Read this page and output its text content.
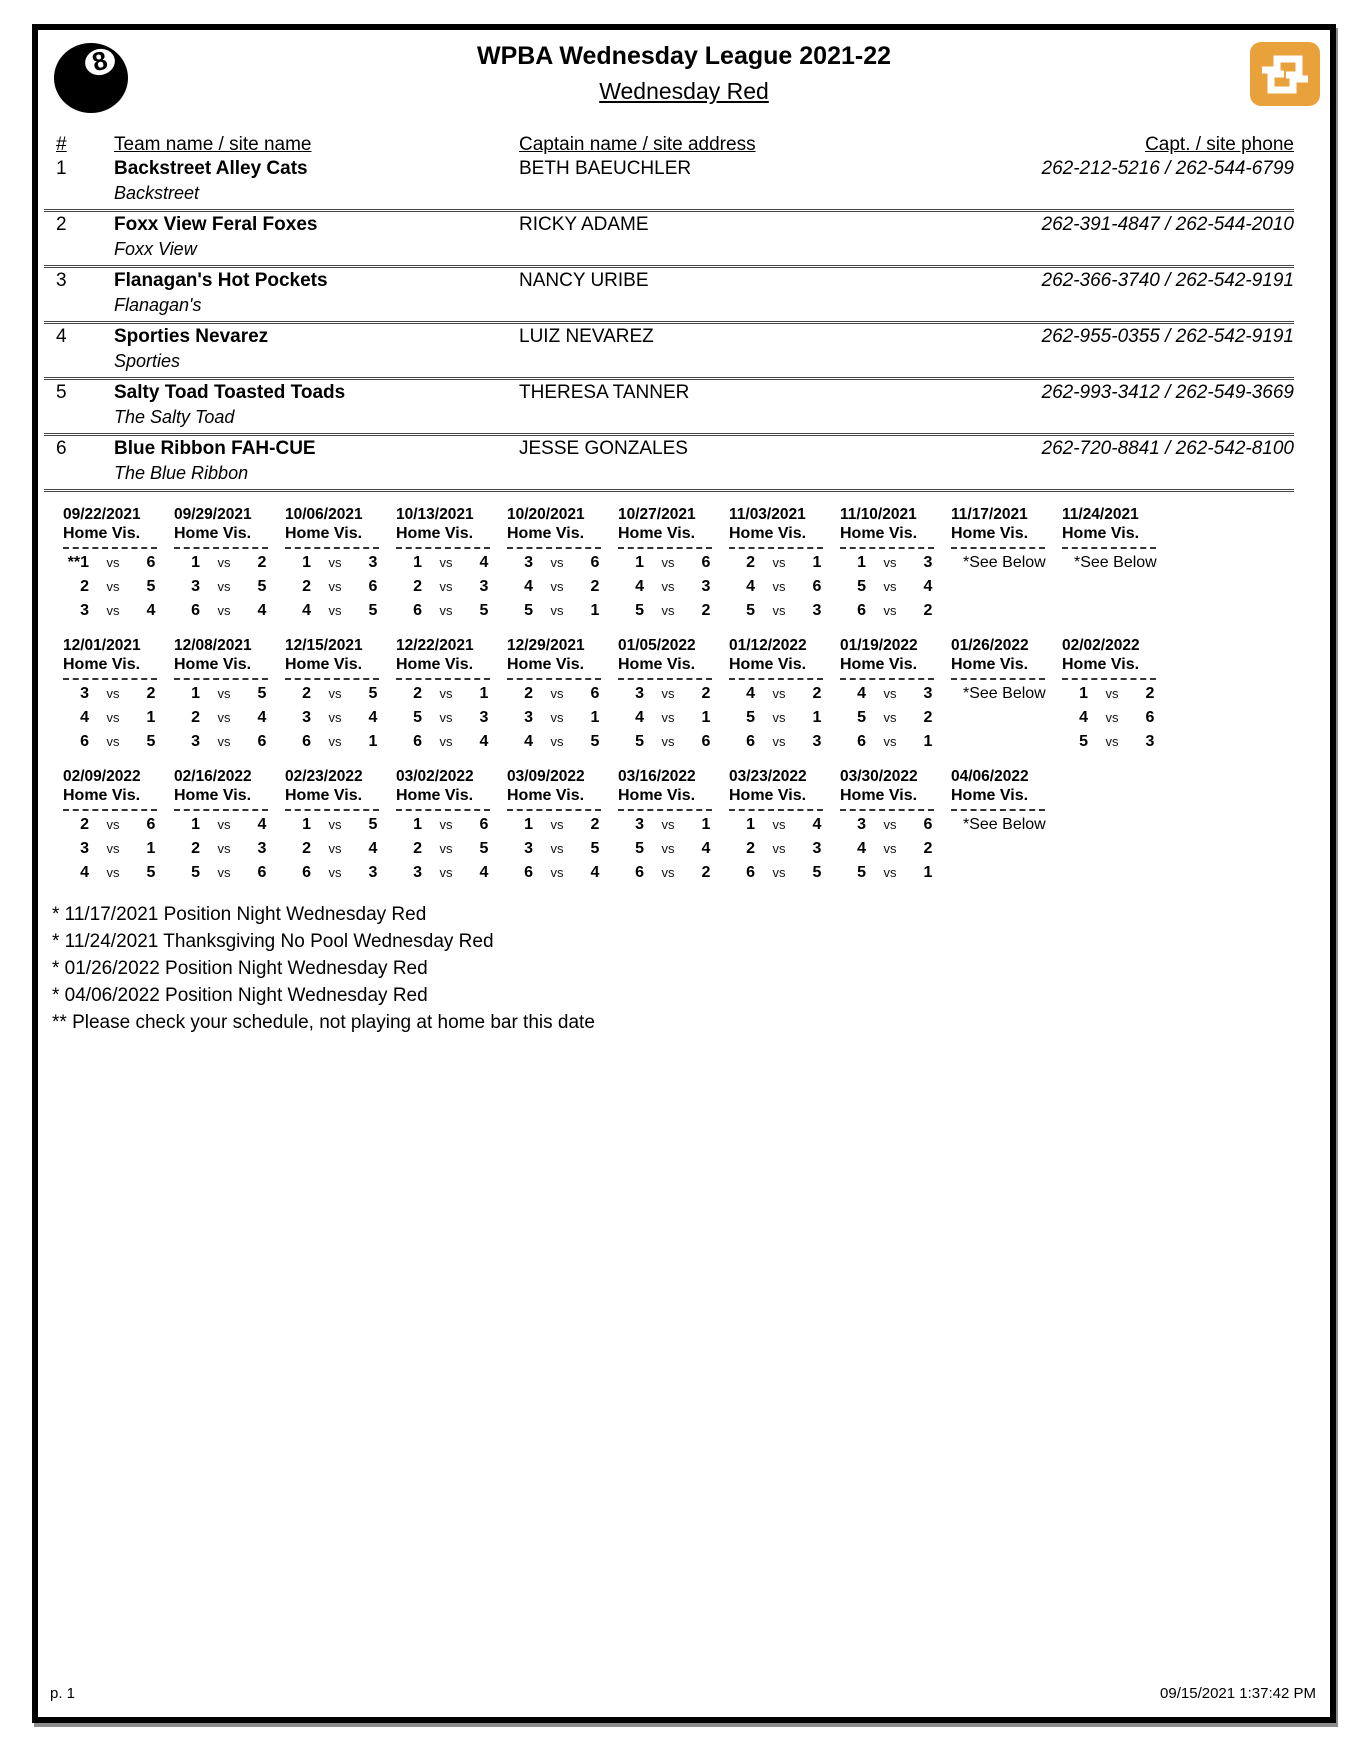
8	WPBA Wednesday League 2021-22
Wednesday Red
#	Team name / site name	Captain name / site address	Capt. / site phone
1	Backstreet Alley Cats	BETH BAEUCHLER	262-212-5216 / 262-544-6799
Backstreet
2	Foxx View Feral Foxes	RICKY ADAME	262-391-4847 / 262-544-2010
Foxx View
3	Flanagan's Hot Pockets	NANCY URIBE	262-366-3740 / 262-542-9191
Flanagan's
4	Sporties Nevarez	LUIZ NEVAREZ	262-955-0355 / 262-542-9191
Sporties
5	Salty Toad Toasted Toads	THERESA TANNER	262-993-3412 / 262-549-3669
The Salty Toad
6	Blue Ribbon FAH-CUE	JESSE GONZALES	262-720-8841 / 262-542-8100
The Blue Ribbon
09/22/2021
Home Vis.
**1	vs	6
2	vs	5
3	vs	4
09/29/2021
Home Vis.
1	vs	2
3	vs	5
6	vs	4
10/06/2021
Home Vis.
1	vs	3
2	vs	6
4	vs	5
10/13/2021
Home Vis.
1	vs	4
2	vs	3
6	vs	5
10/20/2021
Home Vis.
3	vs	6
4	vs	2
5	vs	1
10/27/2021
Home Vis.
1	vs	6
4	vs	3
5	vs	2
11/03/2021
Home Vis.
2	vs	1
4	vs	6
5	vs	3
11/10/2021
Home Vis.
1	vs	3
5	vs	4
6	vs	2
11/17/2021
Home Vis.
*See Below
11/24/2021
Home Vis.
*See Below
12/01/2021
Home Vis.
3	vs	2
4	vs	1
6	vs	5
12/08/2021
Home Vis.
1	vs	5
2	vs	4
3	vs	6
12/15/2021
Home Vis.
2	vs	5
3	vs	4
6	vs	1
12/22/2021
Home Vis.
2	vs	1
5	vs	3
6	vs	4
12/29/2021
Home Vis.
2	vs	6
3	vs	1
4	vs	5
01/05/2022
Home Vis.
3	vs	2
4	vs	1
5	vs	6
01/12/2022
Home Vis.
4	vs	2
5	vs	1
6	vs	3
01/19/2022
Home Vis.
4	vs	3
5	vs	2
6	vs	1
01/26/2022
Home Vis.
*See Below
02/02/2022
Home Vis.
1	vs	2
4	vs	6
5	vs	3
02/09/2022
Home Vis.
2	vs	6
3	vs	1
4	vs	5
02/16/2022
Home Vis.
1	vs	4
2	vs	3
5	vs	6
02/23/2022
Home Vis.
1	vs	5
2	vs	4
6	vs	3
03/02/2022
Home Vis.
1	vs	6
2	vs	5
3	vs	4
03/09/2022
Home Vis.
1	vs	2
3	vs	5
6	vs	4
03/16/2022
Home Vis.
3	vs	1
5	vs	4
6	vs	2
03/23/2022
Home Vis.
1	vs	4
2	vs	3
6	vs	5
03/30/2022
Home Vis.
3	vs	6
4	vs	2
5	vs	1
04/06/2022
Home Vis.
*See Below
* 11/17/2021 Position Night Wednesday Red
* 11/24/2021 Thanksgiving No Pool Wednesday Red
* 01/26/2022 Position Night Wednesday Red
* 04/06/2022 Position Night Wednesday Red
** Please check your schedule, not playing at home bar this date
p. 1	09/15/2021 1:37:42 PM
